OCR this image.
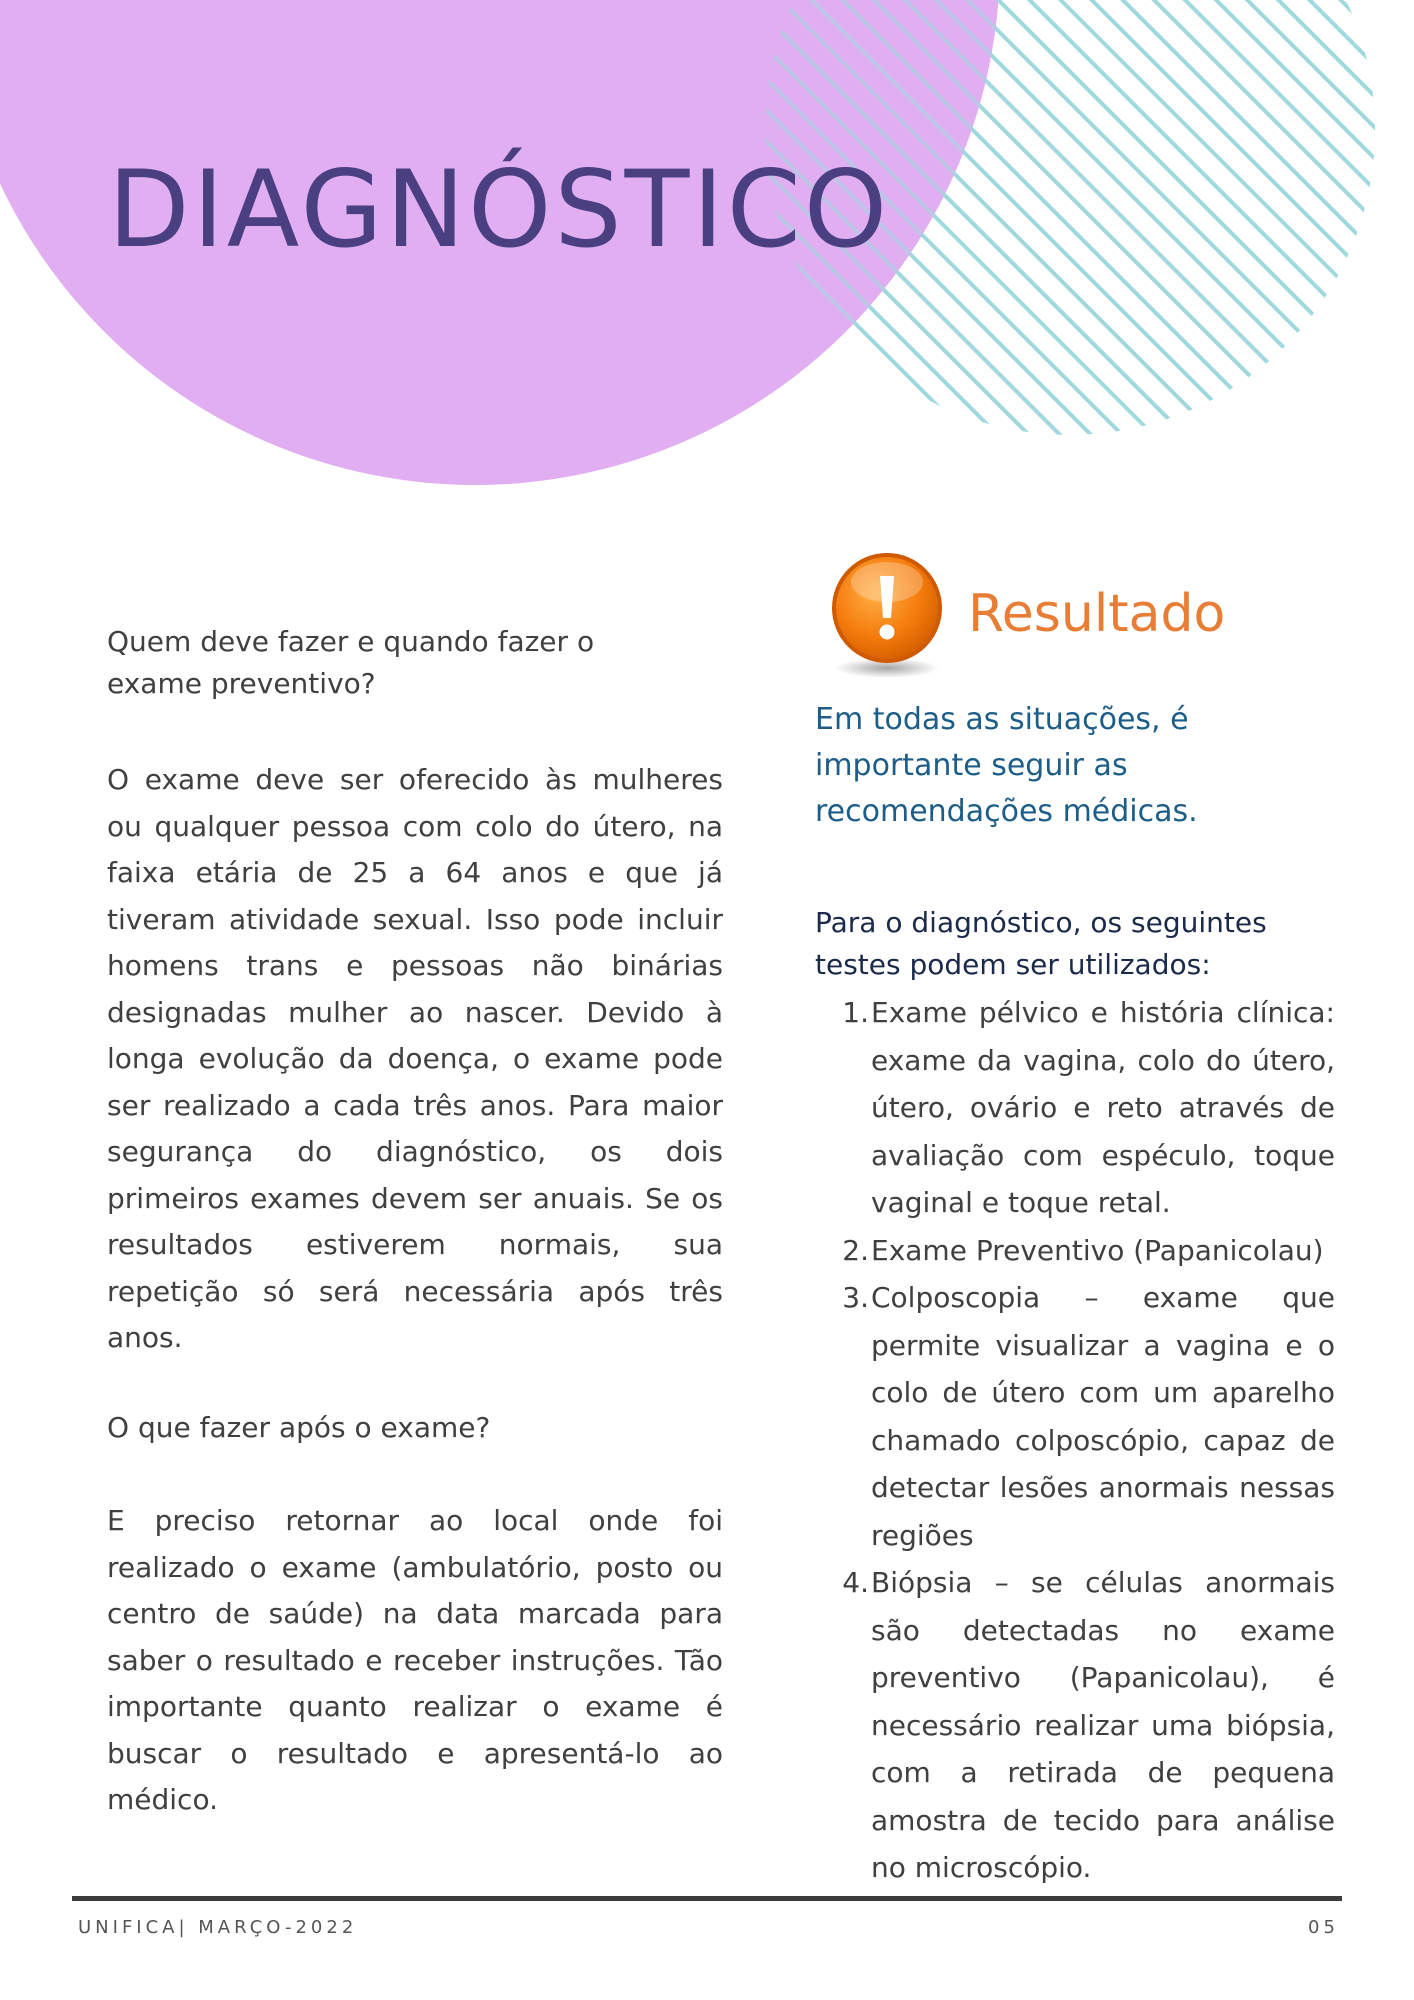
DIAGNÓSTICO
Quem deve fazer e quando fazer o exame preventivo?
O exame deve ser oferecido às mulheres ou qualquer pessoa com colo do útero, na faixa etária de 25 a 64 anos e que já tiveram atividade sexual. Isso pode incluir homens trans e pessoas não binárias designadas mulher ao nascer. Devido à longa evolução da doença, o exame pode ser realizado a cada três anos. Para maior segurança do diagnóstico, os dois primeiros exames devem ser anuais. Se os resultados estiverem normais, sua repetição só será necessária após três anos.
O que fazer após o exame?
E preciso retornar ao local onde foi realizado o exame (ambulatório, posto ou centro de saúde) na data marcada para saber o resultado e receber instruções. Tão importante quanto realizar o exame é buscar o resultado e apresentá-lo ao médico.
Resultado
Em todas as situações, é importante seguir as recomendações médicas.
Para o diagnóstico, os seguintes testes podem ser utilizados:
1. Exame pélvico e história clínica: exame da vagina, colo do útero, útero, ovário e reto através de avaliação com espéculo, toque vaginal e toque retal.
2. Exame Preventivo (Papanicolau)
3. Colposcopia – exame que permite visualizar a vagina e o colo de útero com um aparelho chamado colposcópio, capaz de detectar lesões anormais nessas regiões
4. Biópsia – se células anormais são detectadas no exame preventivo (Papanicolau), é necessário realizar uma biópsia, com a retirada de pequena amostra de tecido para análise no microscópio.
UNIFICA| MARÇO-2022	05
